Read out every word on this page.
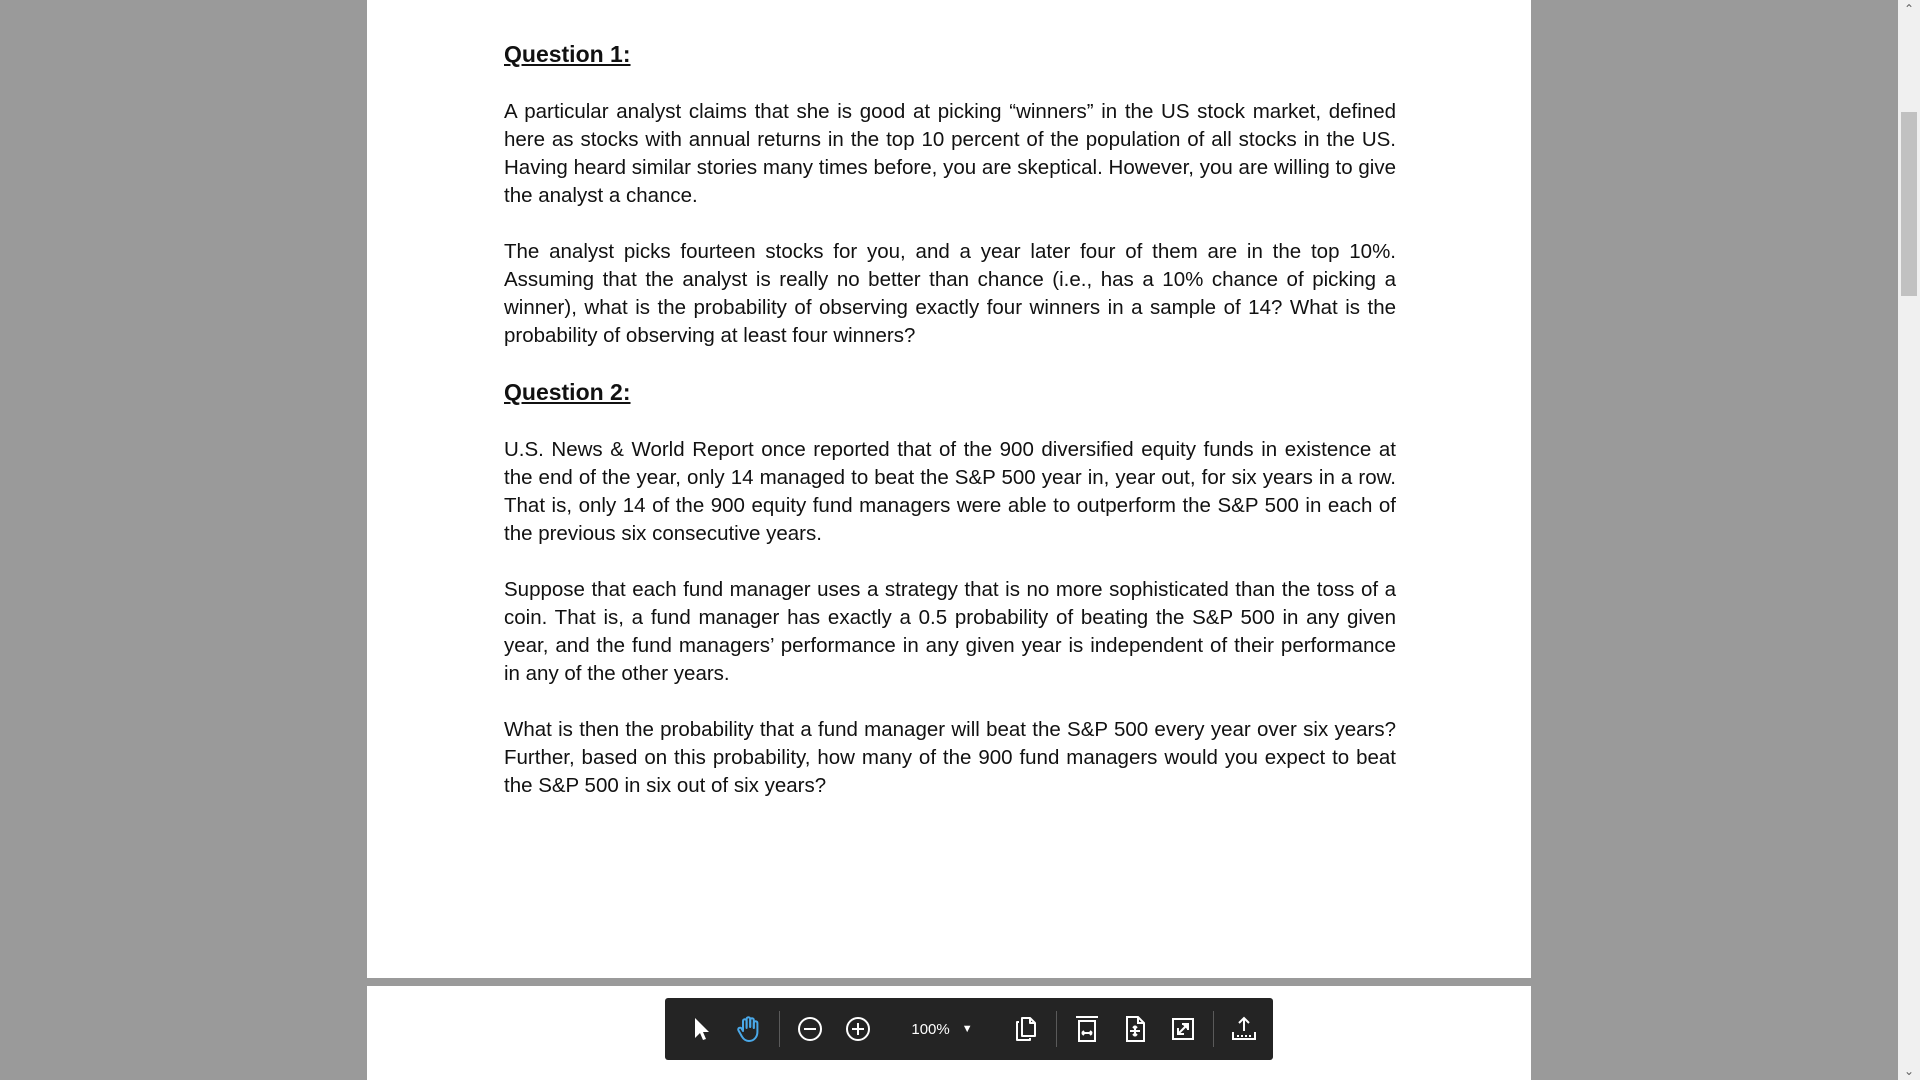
Question 1:
A particular analyst claims that she is good at picking “winners” in the US stock market, defined here as stocks with annual returns in the top 10 percent of the population of all stocks in the US. Having heard similar stories many times before, you are skeptical. However, you are willing to give the analyst a chance.
The analyst picks fourteen stocks for you, and a year later four of them are in the top 10%. Assuming that the analyst is really no better than chance (i.e., has a 10% chance of picking a winner), what is the probability of observing exactly four winners in a sample of 14? What is the probability of observing at least four winners?
Question 2:
U.S. News & World Report once reported that of the 900 diversified equity funds in existence at the end of the year, only 14 managed to beat the S&P 500 year in, year out, for six years in a row. That is, only 14 of the 900 equity fund managers were able to outperform the S&P 500 in each of the previous six consecutive years.
Suppose that each fund manager uses a strategy that is no more sophisticated than the toss of a coin. That is, a fund manager has exactly a 0.5 probability of beating the S&P 500 in any given year, and the fund managers’ performance in any given year is independent of their performance in any of the other years.
What is then the probability that a fund manager will beat the S&P 500 every year over six years? Further, based on this probability, how many of the 900 fund managers would you expect to beat the S&P 500 in six out of six years?
⌃
⌄
100% ▼
